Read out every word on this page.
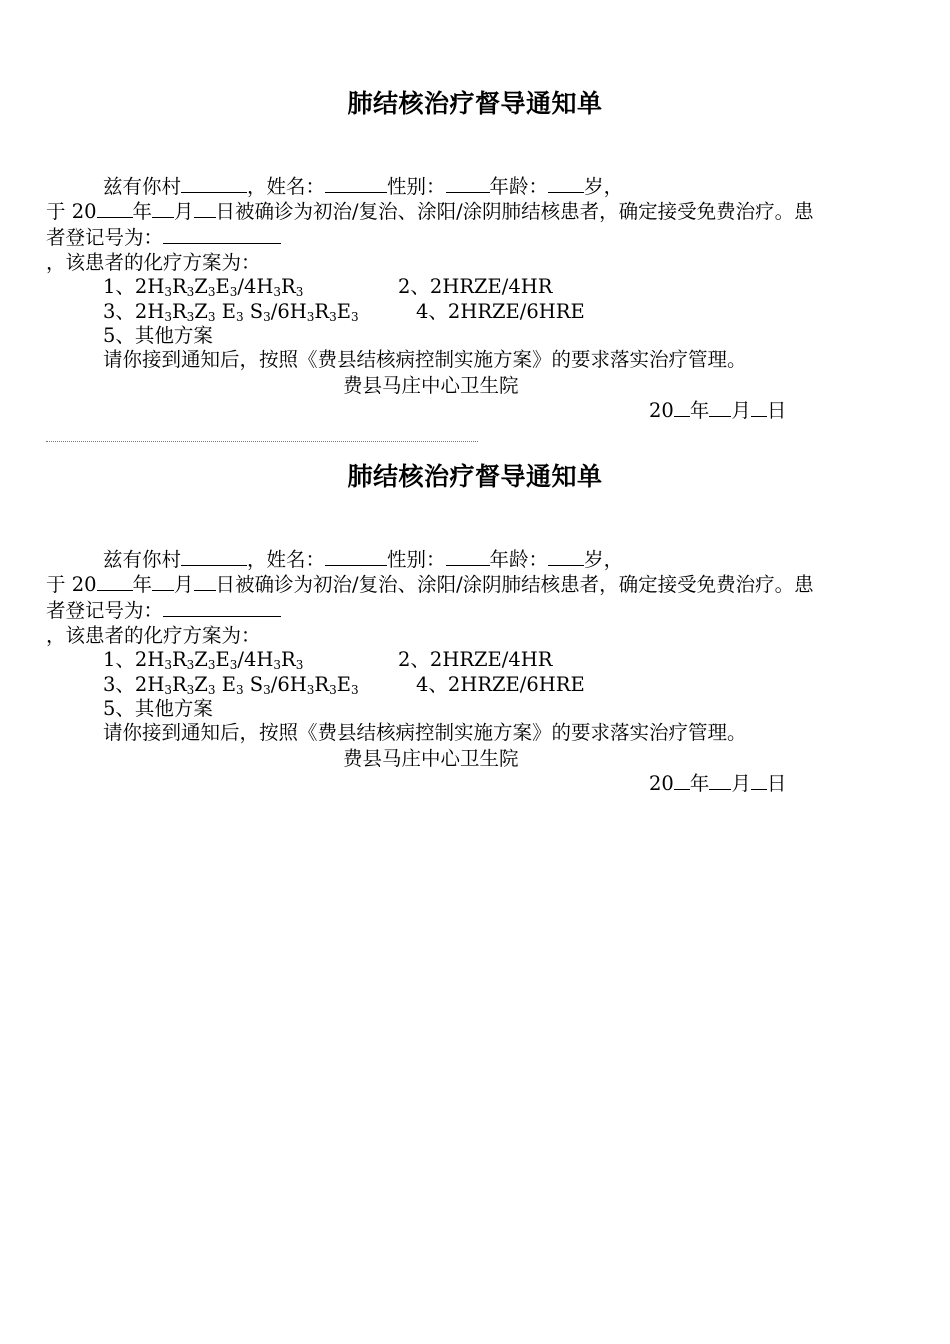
肺结核治疗督导通知单
兹有你村	，姓名：	性别： 年龄： 岁，
于 20 年 月 日被确诊为初治/复治、涂阳/涂阴肺结核患者，确定接受免费治疗。患
者登记号为：
，该患者的化疗方案为：
1、$2H_3R_3Z_3E_3/4H_3R_3$	2、2HRZE/4HR
3、$2H_3R_3Z_3$ $E_3$ $S_3/6H_3R_3E_3$	4、2HRZE/6HRE
5、其他方案
请你接到通知后，按照《费县结核病控制实施方案》的要求落实治疗管理。
费县马庄中心卫生院
20 年 月 日
肺结核治疗督导通知单
兹有你村	，姓名：	性别： 年龄： 岁，
于 20 年 月 日被确诊为初治/复治、涂阳/涂阴肺结核患者，确定接受免费治疗。患
者登记号为：
，该患者的化疗方案为：
1、$2H_3R_3Z_3E_3/4H_3R_3$	2、2HRZE/4HR
3、$2H_3R_3Z_3$ $E_3$ $S_3/6H_3R_3E_3$	4、2HRZE/6HRE
5、其他方案
请你接到通知后，按照《费县结核病控制实施方案》的要求落实治疗管理。
费县马庄中心卫生院
20 年 月 日
